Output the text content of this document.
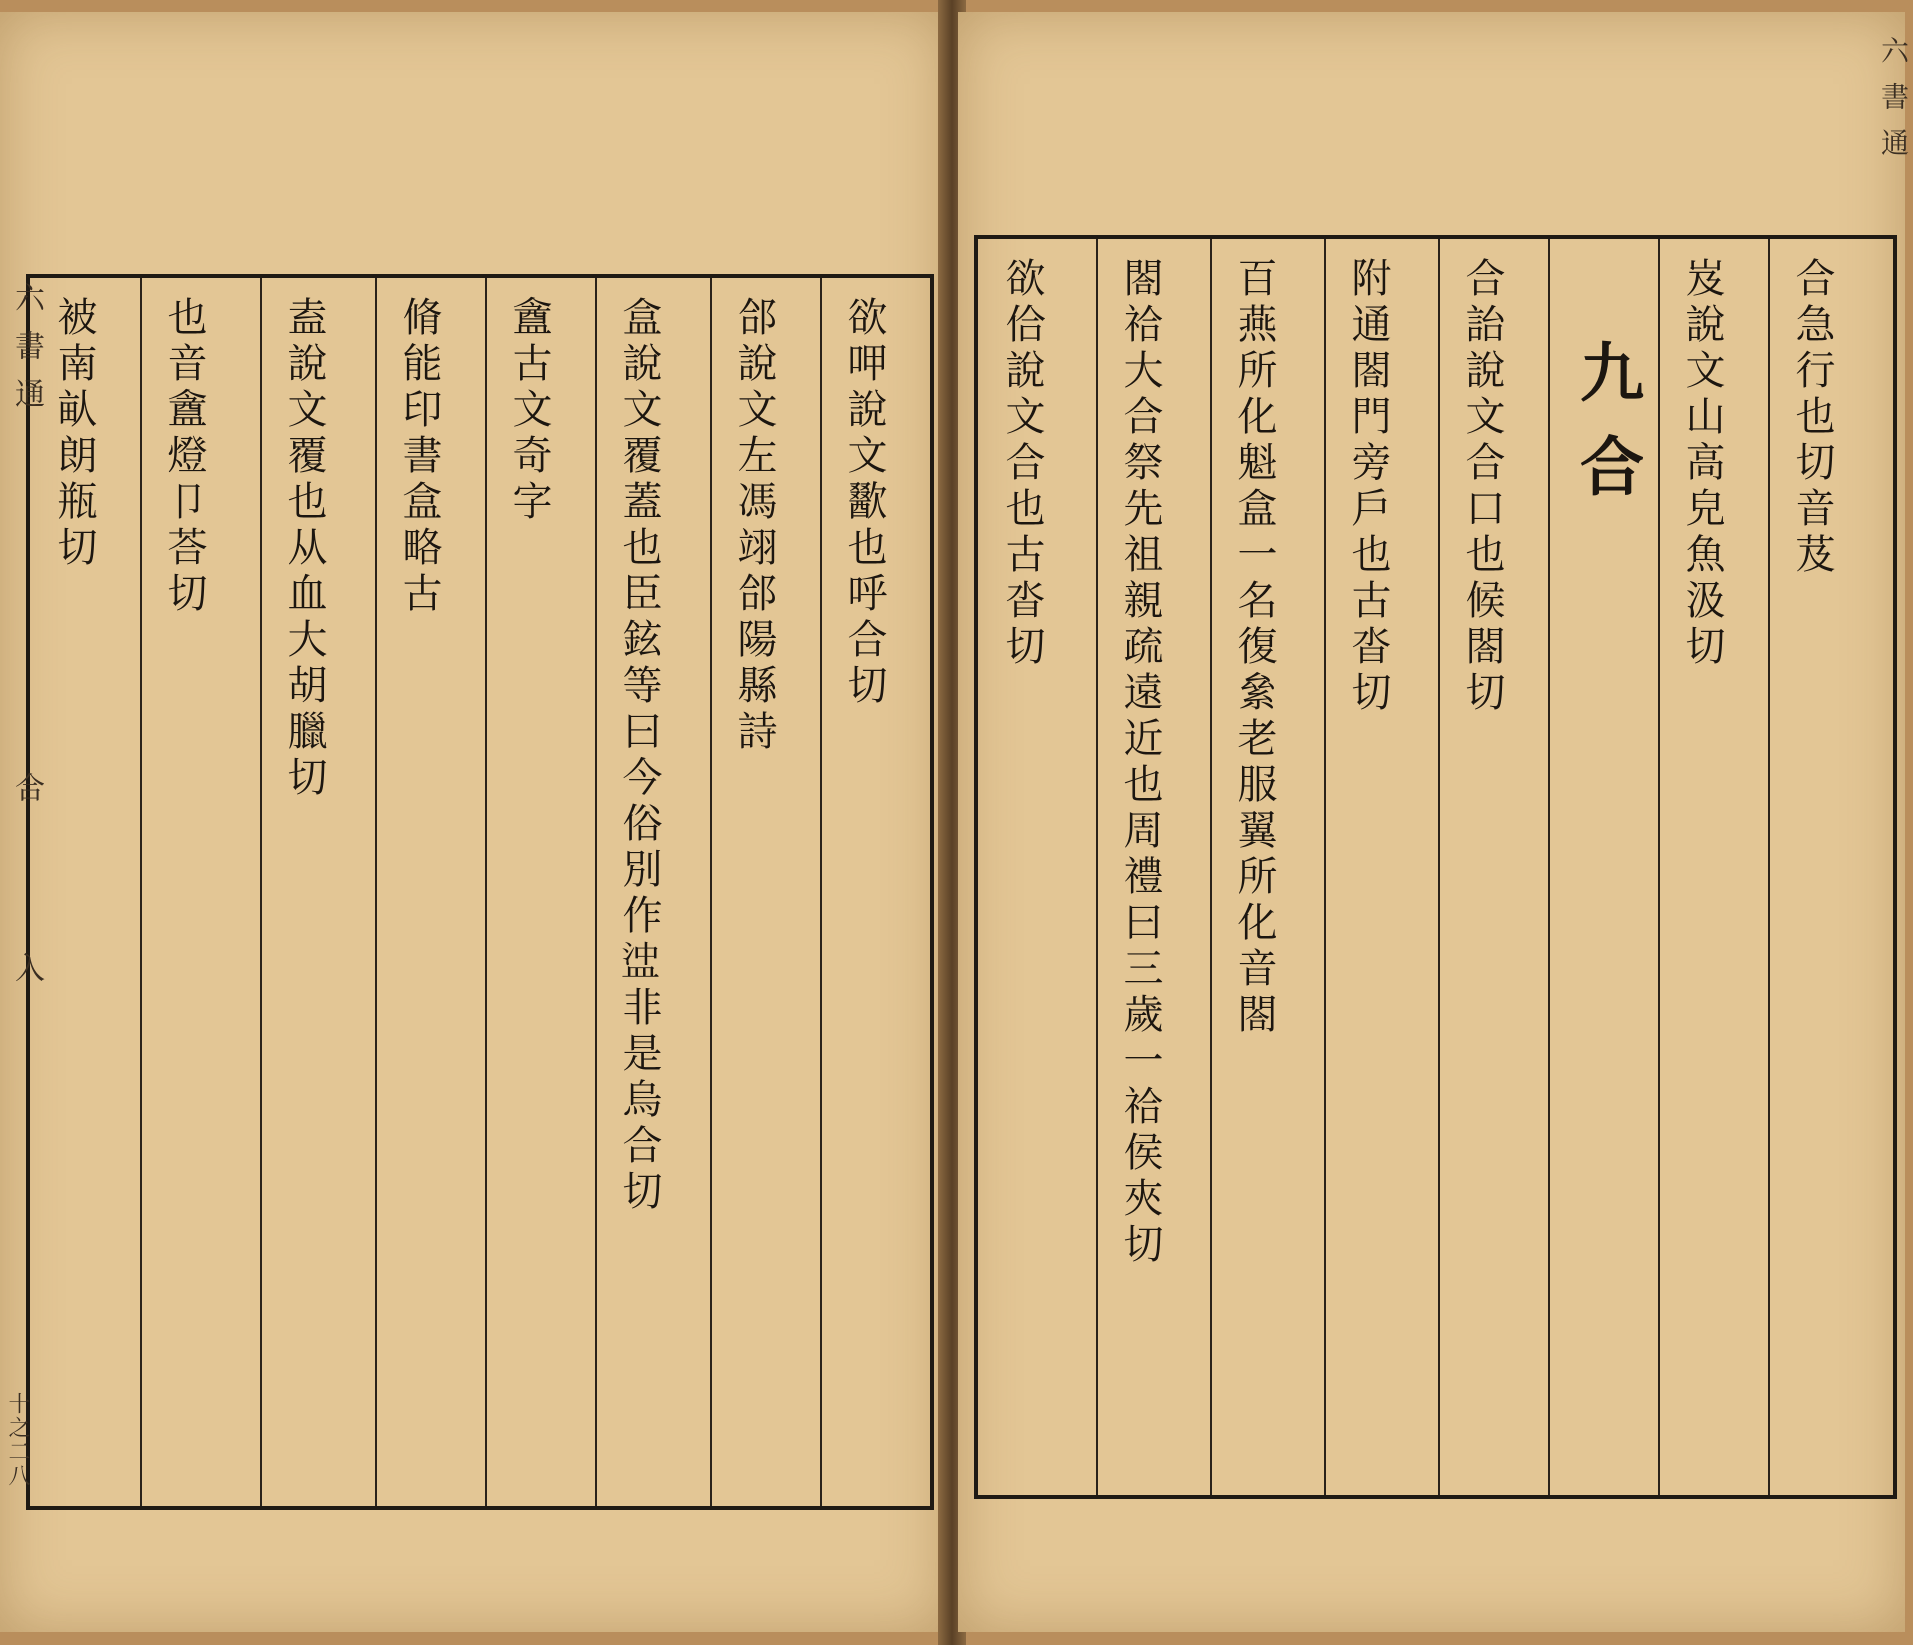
被南畒朗瓶切 也音盦燈卩荅切 盍說文覆也从血大胡臘切 脩能印書盒略古 盦古文奇字 盒說文覆蓋也臣鉉等曰今俗別作𥁵非是烏合切 郃說文左馮翊郃陽縣詩 欲呷說文歠也呼合切
六書通
合
入
十之二八
欲佮說文合也古沓切 閤祫大合祭先祖親疏遠近也周禮曰三歲一祫侯夾切 百燕所化魁盒一名復絫老服翼所化音閤 附通閤門旁戶也古沓切 合詒說文合口也候閤切 九合 岌說文山高皃魚汲切 合急行也切音芨
六書通
